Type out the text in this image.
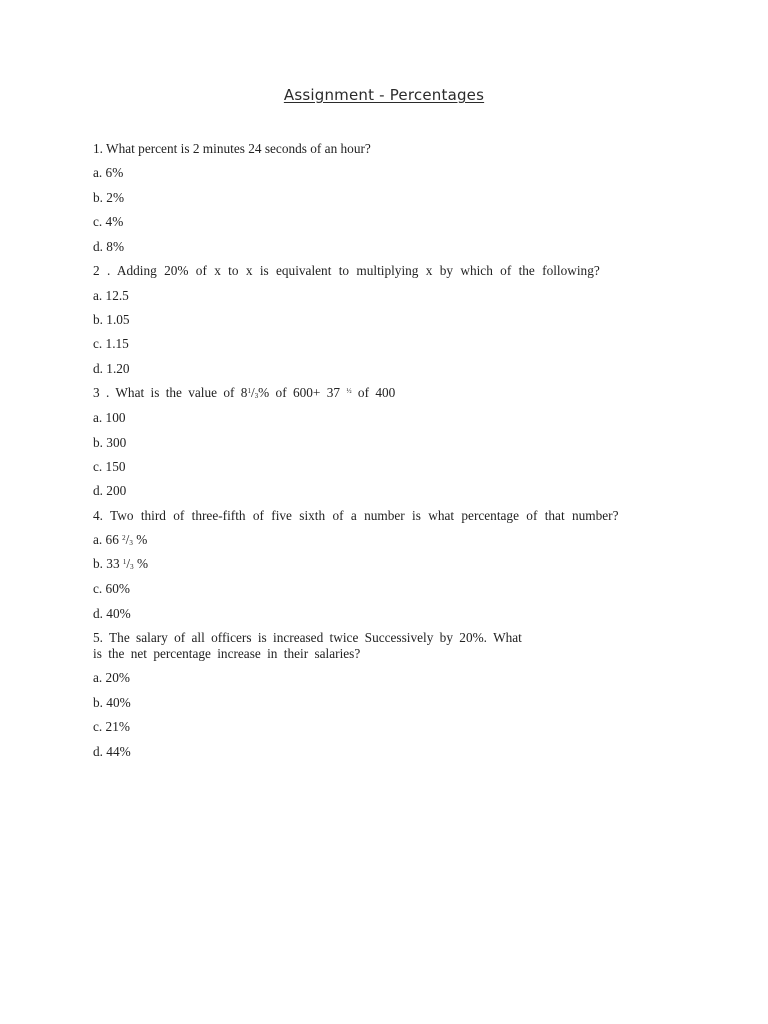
Assignment - Percentages
1. What percent is 2 minutes 24 seconds of an hour?
a. 6%
b. 2%
c. 4%
d. 8%
2 . Adding 20% of x to x is equivalent to multiplying x by which of the following?
a. 12.5
b. 1.05
c. 1.15
d. 1.20
3 . What is the value of $8^1/_3\%$ of 600+ 37 $^{\frac{1}{2}}$ of 400
a. 100
b. 300
c. 150
d. 200
4. Two third of three-fifth of five sixth of a number is what percentage of that number?
a. 66 $^2/_3$ %
b. 33 $^1/_3$ %
c. 60%
d. 40%
5. The salary of all officers is increased twice Successively by 20%. What
is the net percentage increase in their salaries?
a. 20%
b. 40%
c. 21%
d. 44%
